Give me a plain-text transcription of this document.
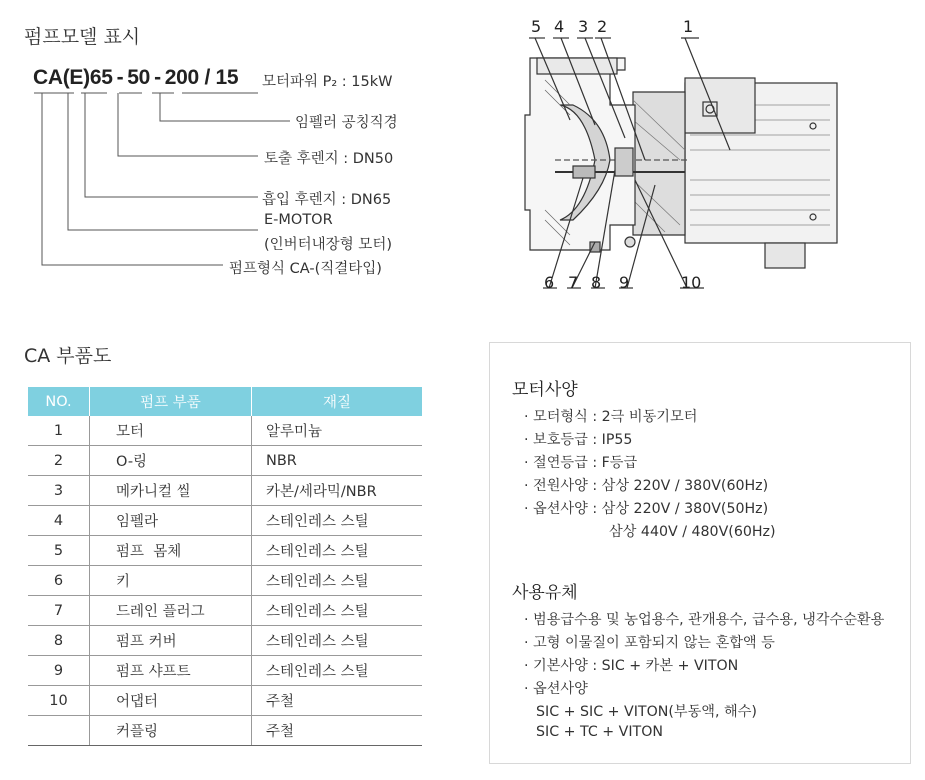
펌프모델 표시
CA(E)65 - 50 - 200 / 15 모터파워 P₂ : 15kW
임펠러 공칭직경
토출 후렌지 : DN50
흡입 후렌지 : DN65
E-MOTOR
(인버터내장형 모터)
펌프형식 CA-(직결타입)
5 4 3 2	1
6 7 8 9	10
CA 부품도
NO.	펌프 부품	재질
1	모터	알루미늄
2	O-링	NBR
3	메카니컬 씰	카본/세라믹/NBR
4	임펠라	스테인레스 스틸
5	펌프  몸체	스테인레스 스틸
6	키	스테인레스 스틸
7	드레인 플러그	스테인레스 스틸
8	펌프 커버	스테인레스 스틸
9	펌프 샤프트	스테인레스 스틸
10	어댑터	주철
	커플링	주철
모터사양
· 모터형식 : 2극 비동기모터
· 보호등급 : IP55
· 절연등급 : F등급
· 전원사양 : 삼상 220V / 380V(60Hz)
· 옵션사양 : 삼상 220V / 380V(50Hz)
삼상 440V / 480V(60Hz)
사용유체
· 범용급수용 및 농업용수, 관개용수, 급수용, 냉각수순환용
· 고형 이물질이 포함되지 않는 혼합액 등
· 기본사양 : SIC + 카본 + VITON
· 옵션사양
SIC + SIC + VITON(부동액, 해수)
SIC + TC + VITON
